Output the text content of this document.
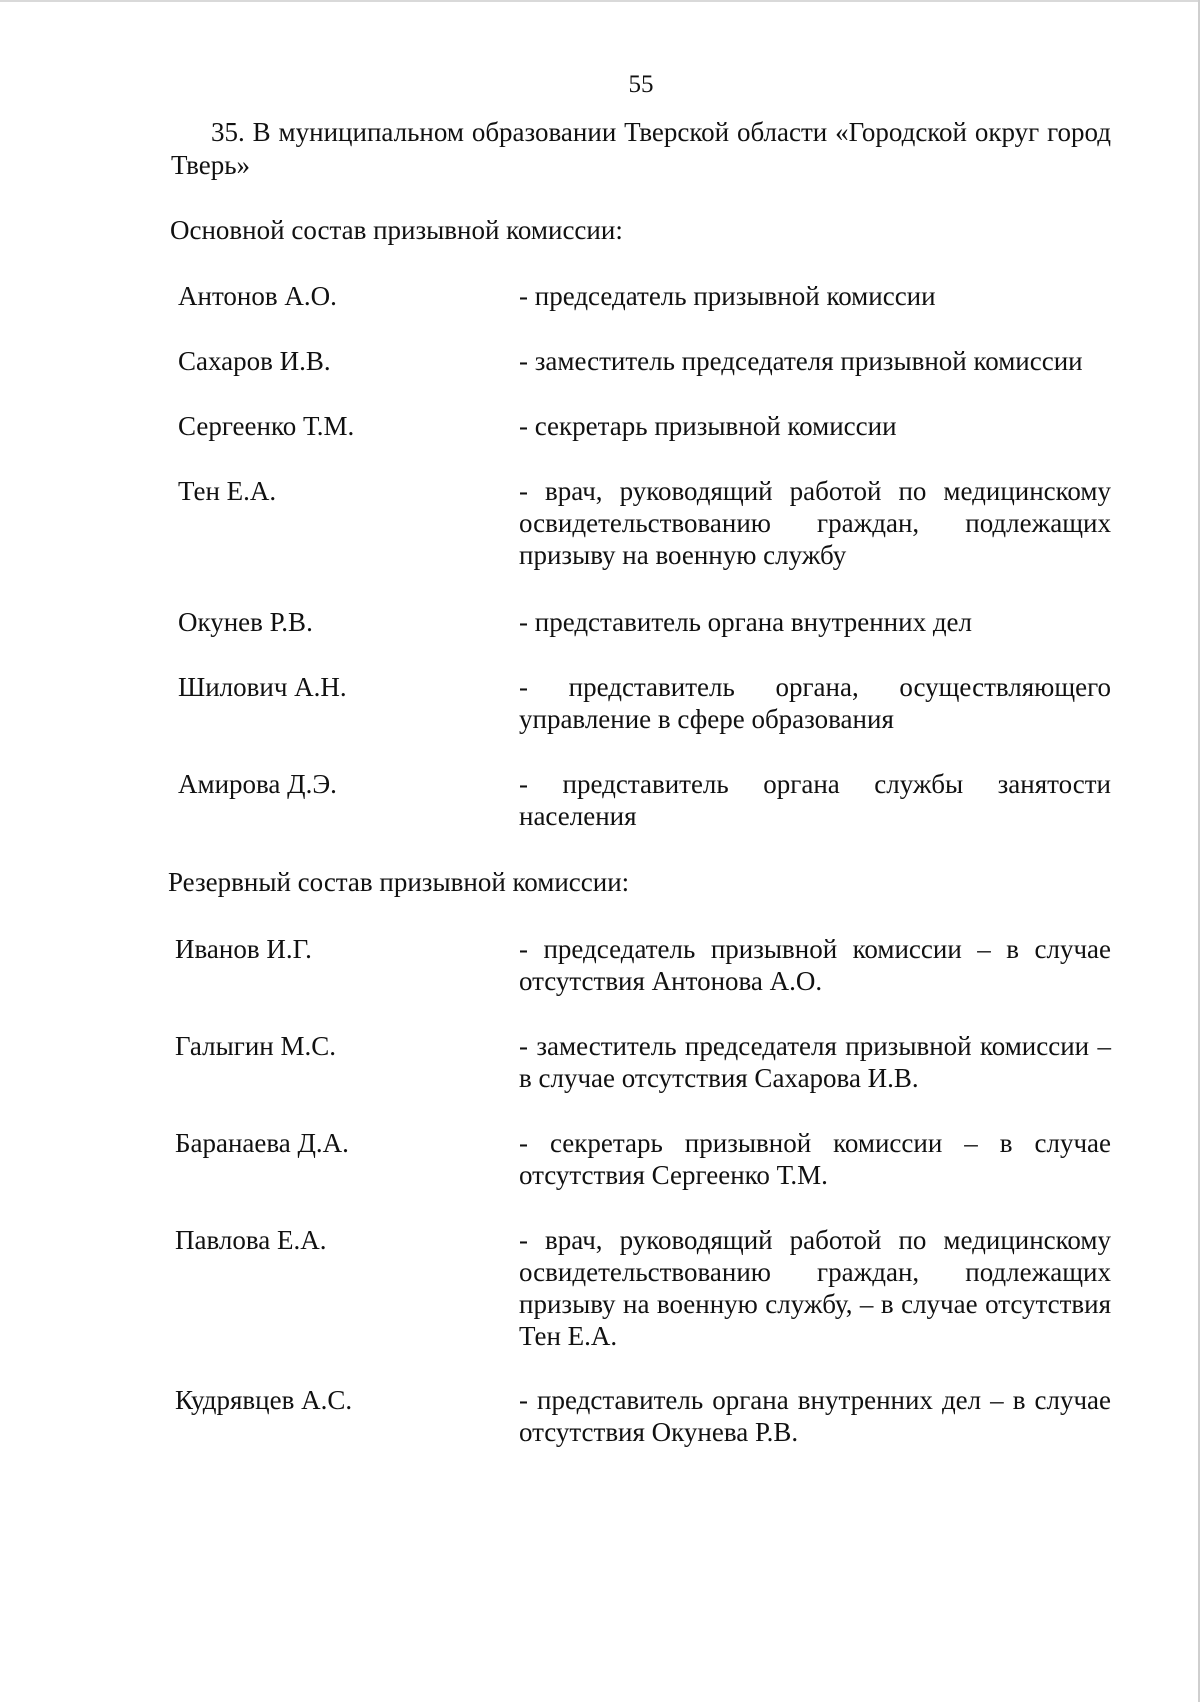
55

35. В муниципальном образовании Тверской области «Городской округ город Тверь»

Основной состав призывной комиссии:

Антонов А.О.	- председатель призывной комиссии
Сахаров И.В.	- заместитель председателя призывной комиссии
Сергеенко Т.М.	- секретарь призывной комиссии
Тен Е.А.	- врач, руководящий работой по медицинскому освидетельствованию граждан, подлежащих призыву на военную службу
Окунев Р.В.	- представитель органа внутренних дел
Шилович А.Н.	- представитель органа, осуществляющего управление в сфере образования
Амирова Д.Э.	- представитель органа службы занятости населения

Резервный состав призывной комиссии:

Иванов И.Г.	- председатель призывной комиссии – в случае отсутствия Антонова А.О.
Галыгин М.С.	- заместитель председателя призывной комиссии – в случае отсутствия Сахарова И.В.
Баранаева Д.А.	- секретарь призывной комиссии – в случае отсутствия Сергеенко Т.М.
Павлова Е.А.	- врач, руководящий работой по медицинскому освидетельствованию граждан, подлежащих призыву на военную службу, – в случае отсутствия Тен Е.А.
Кудрявцев А.С.	- представитель органа внутренних дел – в случае отсутствия Окунева Р.В.
